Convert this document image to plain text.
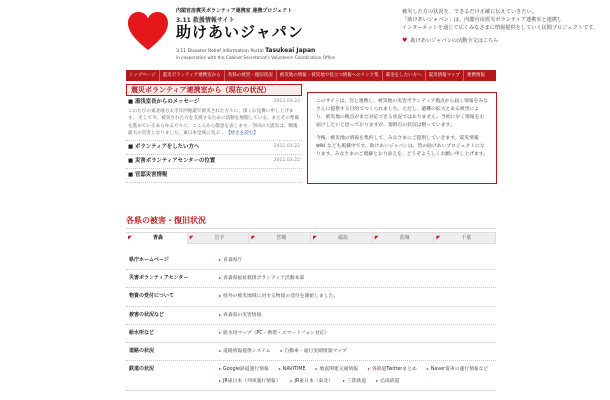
内閣官房震災ボランティア連携室 連携プロジェクト
3.11 救援情報サイト
助けあいジャパン
3.11 Disaster Relief Information Portal Tasukeai Japan
in cooperation with the Cabinet Secretariat's Volunteers Coordination Office
被災した方の状況を、できるだけ正確に伝えていきたい。
「助けあいジャパン」は、内閣官房震災ボランティア連携室と連携し
インターネットを通じて広くみなさまに情報提供をしていく民間プロジェクトです。
♥ 助けあいジャパンの活動全文はこちら
トップページ	震災ボランティア連携室から	各県の被害・復旧状況	被災地の情報・被災地で役立つ情報へのリンク集	募金をしたい方へ	震災情報マップ	連携情報
震災ボランティア連携室から（現在の状況）
■ 湯浅室長からのメッセージ	2011.03.22
このたびの東北地方太平洋沖地震で被災された方々に、深くお見舞い申し上げます。 そして今、被災された方を支援するために活動を展開している、またその準備を進めているあらゆる方々に、こころから敬意を表します。今回の大震災は、戦後最大の災害となりました。東日本全域に及ぶ… 【続きを読む】
■ ボランティアをしたい方へ	2011.03.22
■ 災害ボランティアセンターの位置	2011.03.22
■ 官邸災害情報

このサイトは、官と連携し、被災地の災害ボランティア拠点から届く情報をみなさんに提供する目的でつくられました。ただし、避難の拡大とある被害により、被災地の拠点がまだ対応できる状況ではありません。当初に早く情報をお届けしたいと思っておりますが、現時点の状況は整っています。

今後、被災地の情報を集約して、みなさまにご提供していきます。震災情報 wiki なども掲載中です。助けあいジャパンは、皆の助けあいプロジェクトになります。みなさまのご理解とお力添えを、どうぞよろしくお願い申し上げます。

各県の被害・復旧状況
◤	青森	◤	岩手	◤	宮城	◤	福島	◤	茨城	◤	千葉
県庁ホームページ	▸ 青森県庁
災害ボランティアセンター	▸ 青森県福祉救援ボランティア活動本部
物資の受付について	▸ 県外の被災地域に対する物資の受付を開始しました。
被害の状況など	▸ 青森県の災害情報
給水所など	▸ 給水用マップ（PC・携帯・スマートフォン対応）
道路の状況	▸ 道路情報提供システム	▸ 自動車・通行実績情報マップ
鉄道の状況	▸ Google鉄道運行情報	▸ NAVITIME	▸ 地震関連交通情報	▸ 各鉄道Twitterまとめ	▸ Naver電車の運行情報など
▸ JR東日本（列車運行情報）	▸ JR東日本（東北）	▸ 三陸鉄道	▸ 弘南鉄道
